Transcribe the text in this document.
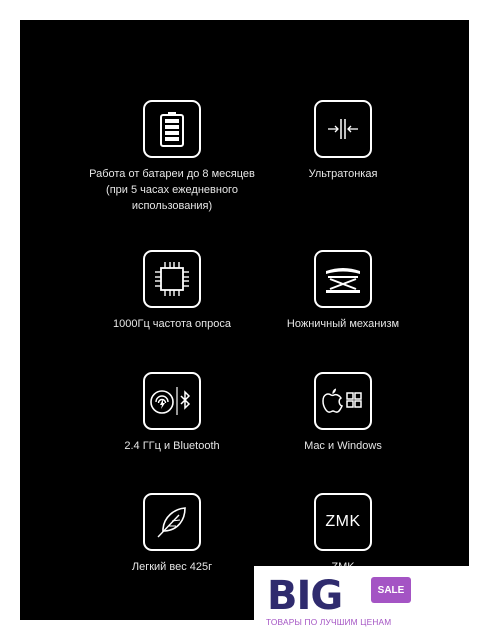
Работа от батареи до 8 месяцев
(при 5 часах ежедневного
использования)
Ультратонкая
CHIP
1000Гц частота опроса	Ножничный механизм
2.4 ГГц и Bluetooth	Mac и Windows
Легкий вес 425г
ZMK
BIG	SALE
ТОВАРЫ ПО ЛУЧШИМ ЦЕНАМ
